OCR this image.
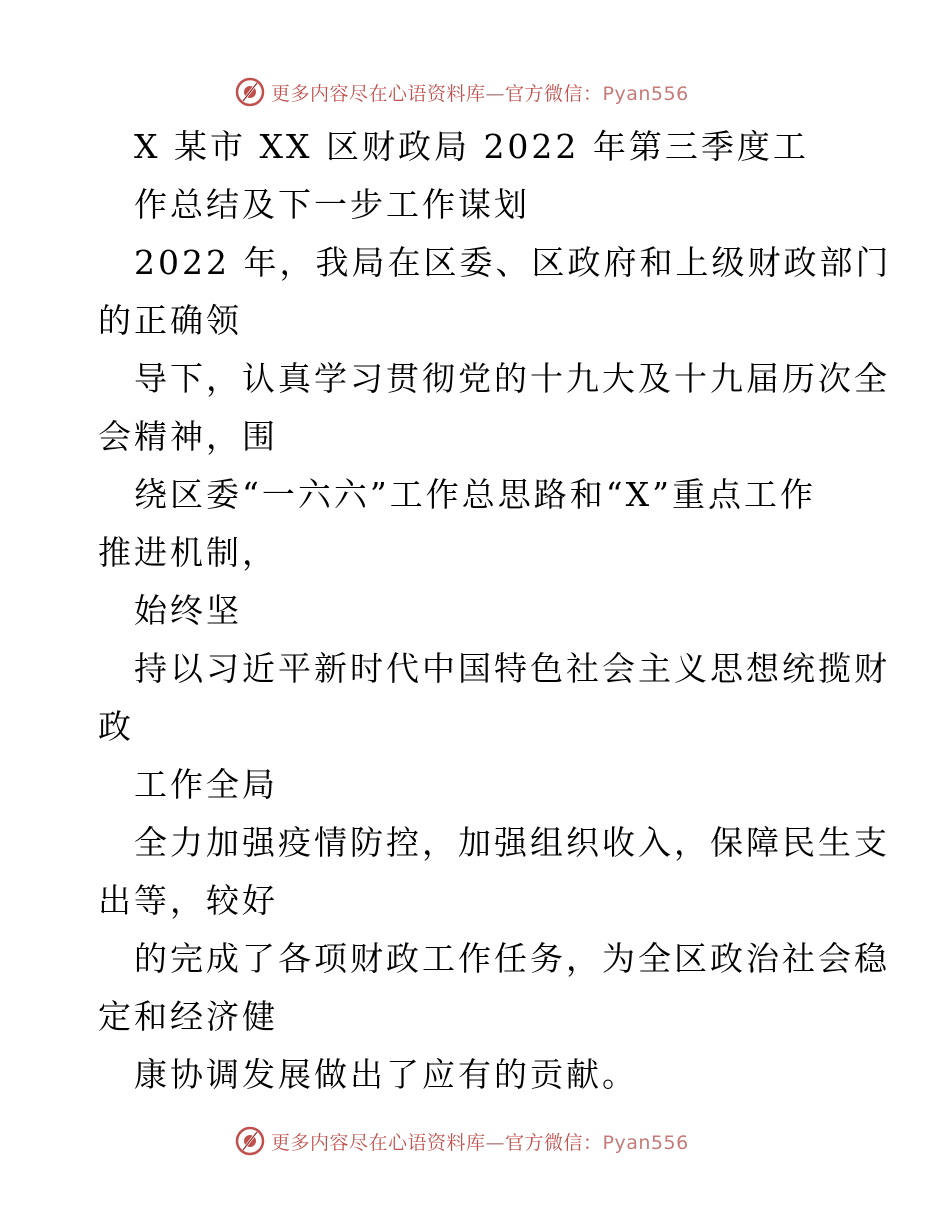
更多内容尽在心语资料库—官方微信：Pyan556
X 某市 XX 区财政局 2022 年第三季度工
作总结及下一步工作谋划
2022 年，我局在区委、区政府和上级财政部门
的正确领
导下，认真学习贯彻党的十九大及十九届历次全
会精神，围
绕区委“一六六”工作总思路和“X”重点工作
推进机制，
始终坚
持以习近平新时代中国特色社会主义思想统揽财
政
工作全局
全力加强疫情防控，加强组织收入，保障民生支
出等，较好
的完成了各项财政工作任务，为全区政治社会稳
定和经济健
康协调发展做出了应有的贡献。
更多内容尽在心语资料库—官方微信：Pyan556
